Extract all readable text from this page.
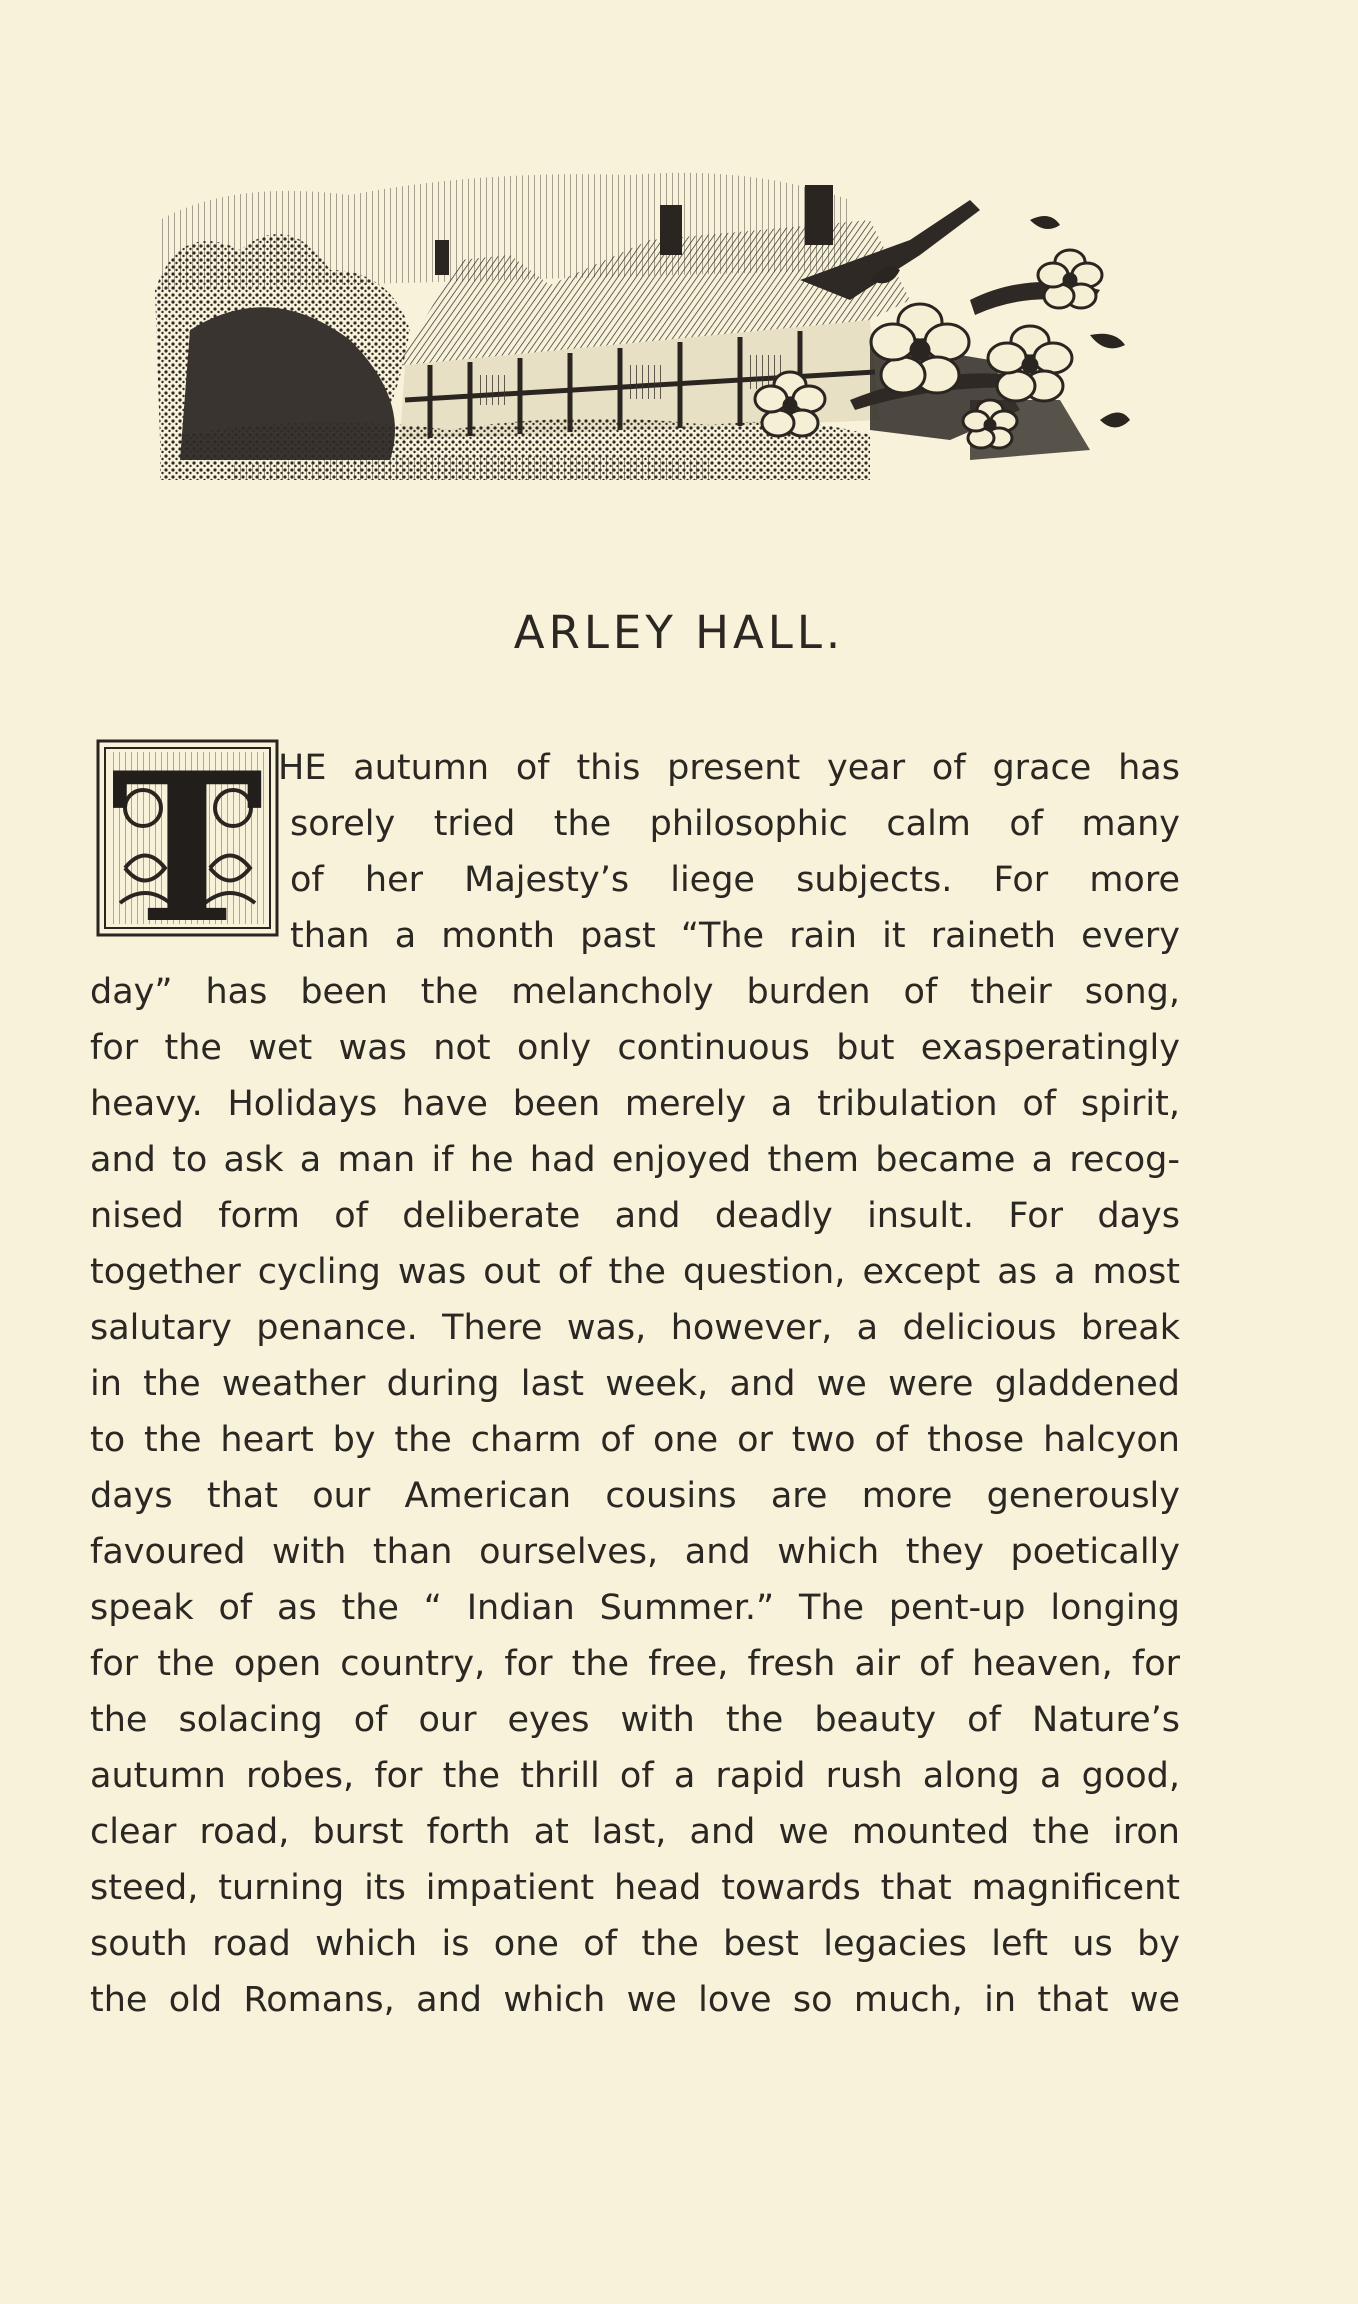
ARLEY HALL.
T HE autumn of this present year of grace has
sorely tried the philosophic calm of many
of her Majesty’s liege subjects. For more
than a month past “The rain it raineth every
day” has been the melancholy burden of their song,
for the wet was not only continuous but exasperatingly
heavy. Holidays have been merely a tribulation of spirit,
and to ask a man if he had enjoyed them became a recog-
nised form of deliberate and deadly insult. For days
together cycling was out of the question, except as a most
salutary penance. There was, however, a delicious break
in the weather during last week, and we were gladdened
to the heart by the charm of one or two of those halcyon
days that our American cousins are more generously
favoured with than ourselves, and which they poetically
speak of as the “ Indian Summer.” The pent-up longing
for the open country, for the free, fresh air of heaven, for
the solacing of our eyes with the beauty of Nature’s
autumn robes, for the thrill of a rapid rush along a good,
clear road, burst forth at last, and we mounted the iron
steed, turning its impatient head towards that magnificent
south road which is one of the best legacies left us by
the old Romans, and which we love so much, in that we
